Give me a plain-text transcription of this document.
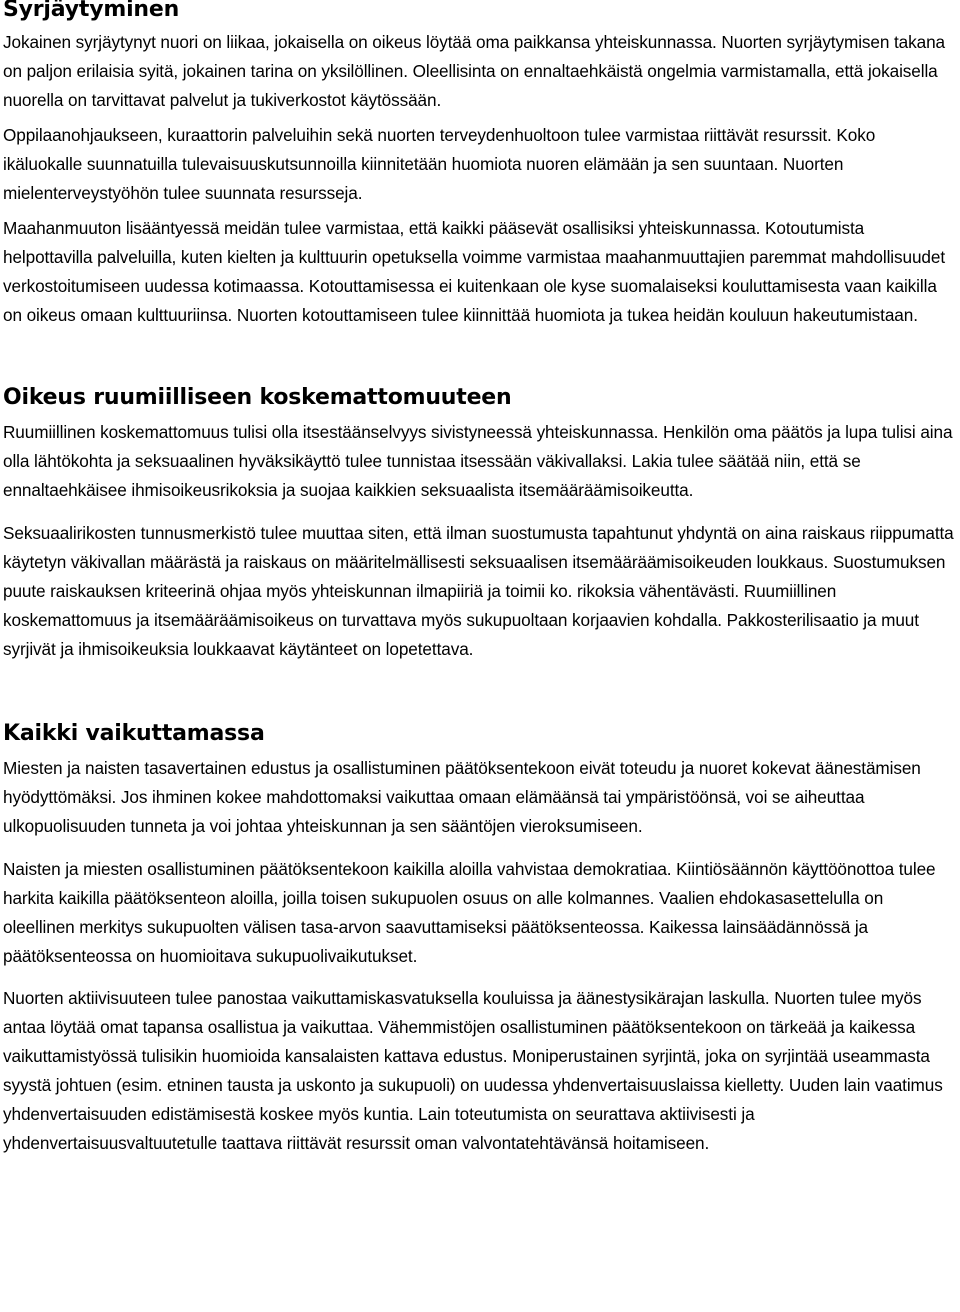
Syrjäytyminen

Jokainen syrjäytynyt nuori on liikaa, jokaisella on oikeus löytää oma paikkansa yhteiskunnassa. Nuorten syrjäytymisen takana on paljon erilaisia syitä, jokainen tarina on yksilöllinen. Oleellisinta on ennaltaehkäistä ongelmia varmistamalla, että jokaisella nuorella on tarvittavat palvelut ja tukiverkostot käytössään.

Oppilaanohjaukseen, kuraattorin palveluihin sekä nuorten terveydenhuoltoon tulee varmistaa riittävät resurssit. Koko ikäluokalle suunnatuilla tulevaisuuskutsunnoilla kiinnitetään huomiota nuoren elämään ja sen suuntaan. Nuorten mielenterveystyöhön tulee suunnata resursseja.

Maahanmuuton lisääntyessä meidän tulee varmistaa, että kaikki pääsevät osallisiksi yhteiskunnassa. Kotoutumista helpottavilla palveluilla, kuten kielten ja kulttuurin opetuksella voimme varmistaa maahanmuuttajien paremmat mahdollisuudet verkostoitumiseen uudessa kotimaassa. Kotouttamisessa ei kuitenkaan ole kyse suomalaiseksi kouluttamisesta vaan kaikilla on oikeus omaan kulttuuriinsa. Nuorten kotouttamiseen tulee kiinnittää huomiota ja tukea heidän kouluun hakeutumistaan.

Oikeus ruumiilliseen koskemattomuuteen

Ruumiillinen koskemattomuus tulisi olla itsestäänselvyys sivistyneessä yhteiskunnassa. Henkilön oma päätös ja lupa tulisi aina olla lähtökohta ja seksuaalinen hyväksikäyttö tulee tunnistaa itsessään väkivallaksi. Lakia tulee säätää niin, että se ennaltaehkäisee ihmisoikeusrikoksia ja suojaa kaikkien seksuaalista itsemääräämisoikeutta.

Seksuaalirikosten tunnusmerkistö tulee muuttaa siten, että ilman suostumusta tapahtunut yhdyntä on aina raiskaus riippumatta käytetyn väkivallan määrästä ja raiskaus on määritelmällisesti seksuaalisen itsemääräämisoikeuden loukkaus. Suostumuksen puute raiskauksen kriteerinä ohjaa myös yhteiskunnan ilmapiiriä ja toimii ko. rikoksia vähentävästi. Ruumiillinen koskemattomuus ja itsemääräämisoikeus on turvattava myös sukupuoltaan korjaavien kohdalla. Pakkosterilisaatio ja muut syrjivät ja ihmisoikeuksia loukkaavat käytänteet on lopetettava.

Kaikki vaikuttamassa

Miesten ja naisten tasavertainen edustus ja osallistuminen päätöksentekoon eivät toteudu ja nuoret kokevat äänestämisen hyödyttömäksi. Jos ihminen kokee mahdottomaksi vaikuttaa omaan elämäänsä tai ympäristöönsä, voi se aiheuttaa ulkopuolisuuden tunneta ja voi johtaa yhteiskunnan ja sen sääntöjen vieroksumiseen.

Naisten ja miesten osallistuminen päätöksentekoon kaikilla aloilla vahvistaa demokratiaa. Kiintiösäännön käyttöönottoa tulee harkita kaikilla päätöksenteon aloilla, joilla toisen sukupuolen osuus on alle kolmannes. Vaalien ehdokasasettelulla on oleellinen merkitys sukupuolten välisen tasa-arvon saavuttamiseksi päätöksenteossa. Kaikessa lainsäädännössä ja päätöksenteossa on huomioitava sukupuolivaikutukset.

Nuorten aktiivisuuteen tulee panostaa vaikuttamiskasvatuksella kouluissa ja äänestysikärajan laskulla. Nuorten tulee myös antaa löytää omat tapansa osallistua ja vaikuttaa. Vähemmistöjen osallistuminen päätöksentekoon on tärkeää ja kaikessa vaikuttamistyössä tulisikin huomioida kansalaisten kattava edustus. Moniperustainen syrjintä, joka on syrjintää useammasta syystä johtuen (esim. etninen tausta ja uskonto ja sukupuoli) on uudessa yhdenvertaisuuslaissa kielletty. Uuden lain vaatimus yhdenvertaisuuden edistämisestä koskee myös kuntia. Lain toteutumista on seurattava aktiivisesti ja yhdenvertaisuusvaltuutetulle taattava riittävät resurssit oman valvontatehtävänsä hoitamiseen.
